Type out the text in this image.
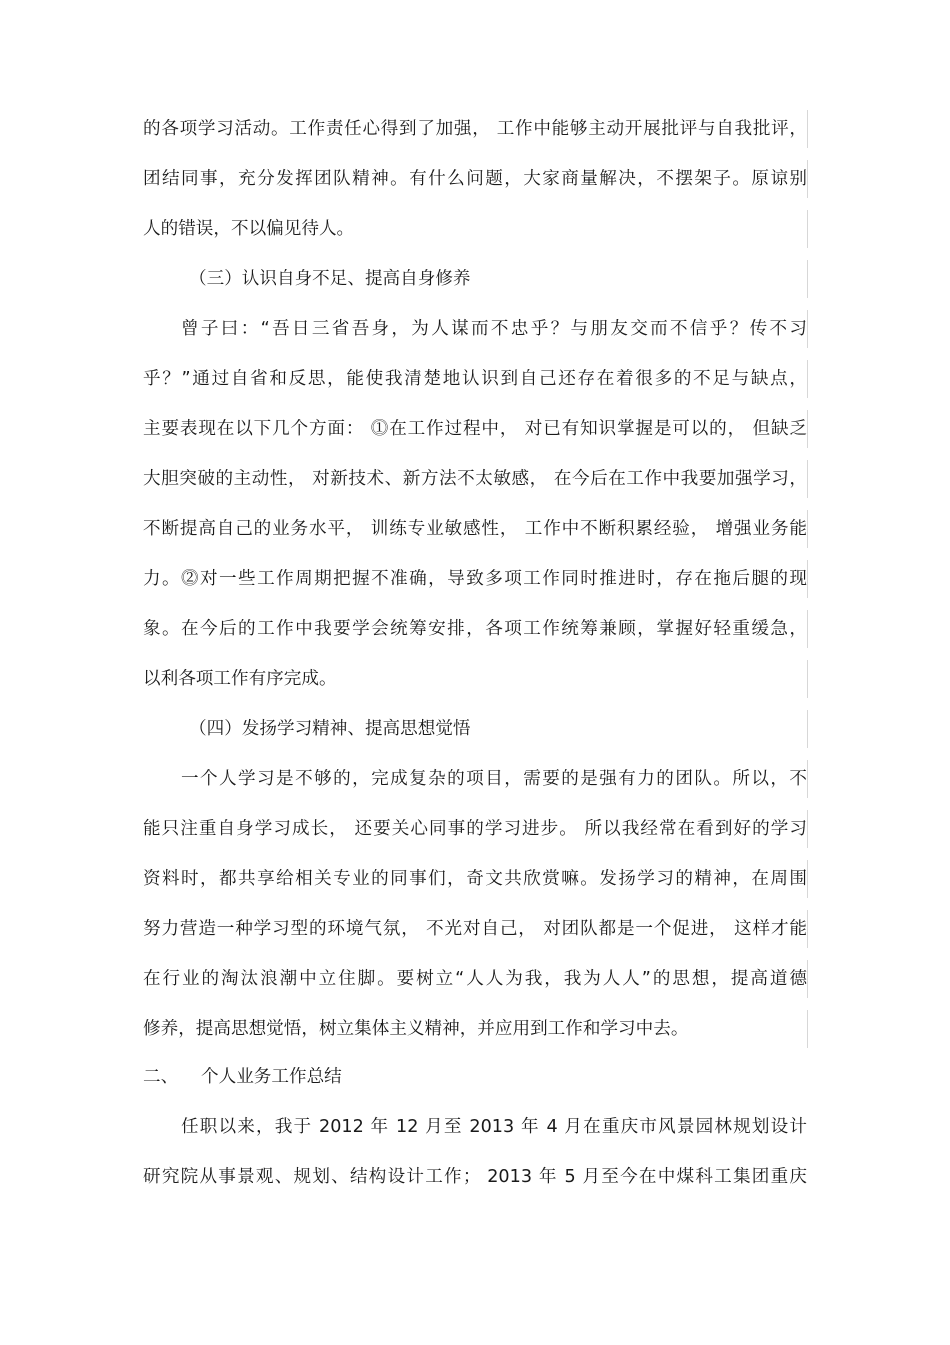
的各项学习活动。工作责任心得到了加强， 工作中能够主动开展批评与自我批评，
团结同事，充分发挥团队精神。有什么问题，大家商量解决，不摆架子。原谅别
人的错误，不以偏见待人。
（三）认识自身不足、提高自身修养
曾子曰：“吾日三省吾身，为人谋而不忠乎？与朋友交而不信乎？传不习
乎？”通过自省和反思，能使我清楚地认识到自己还存在着很多的不足与缺点，
主要表现在以下几个方面： ⓵在工作过程中， 对已有知识掌握是可以的， 但缺乏
大胆突破的主动性， 对新技术、新方法不太敏感， 在今后在工作中我要加强学习，
不断提高自己的业务水平， 训练专业敏感性， 工作中不断积累经验， 增强业务能
力。⓶对一些工作周期把握不准确，导致多项工作同时推进时，存在拖后腿的现
象。在今后的工作中我要学会统筹安排，各项工作统筹兼顾，掌握好轻重缓急，
以利各项工作有序完成。
（四）发扬学习精神、提高思想觉悟
一个人学习是不够的，完成复杂的项目，需要的是强有力的团队。所以，不
能只注重自身学习成长， 还要关心同事的学习进步。 所以我经常在看到好的学习
资料时，都共享给相关专业的同事们，奇文共欣赏嘛。发扬学习的精神，在周围
努力营造一种学习型的环境气氛， 不光对自己， 对团队都是一个促进， 这样才能
在行业的淘汰浪潮中立住脚。要树立“人人为我，我为人人”的思想，提高道德
修养，提高思想觉悟，树立集体主义精神，并应用到工作和学习中去。
二、 个人业务工作总结
任职以来，我于 2012 年 12 月至 2013 年 4 月在重庆市风景园林规划设计
研究院从事景观、规划、结构设计工作； 2013 年 5 月至今在中煤科工集团重庆
